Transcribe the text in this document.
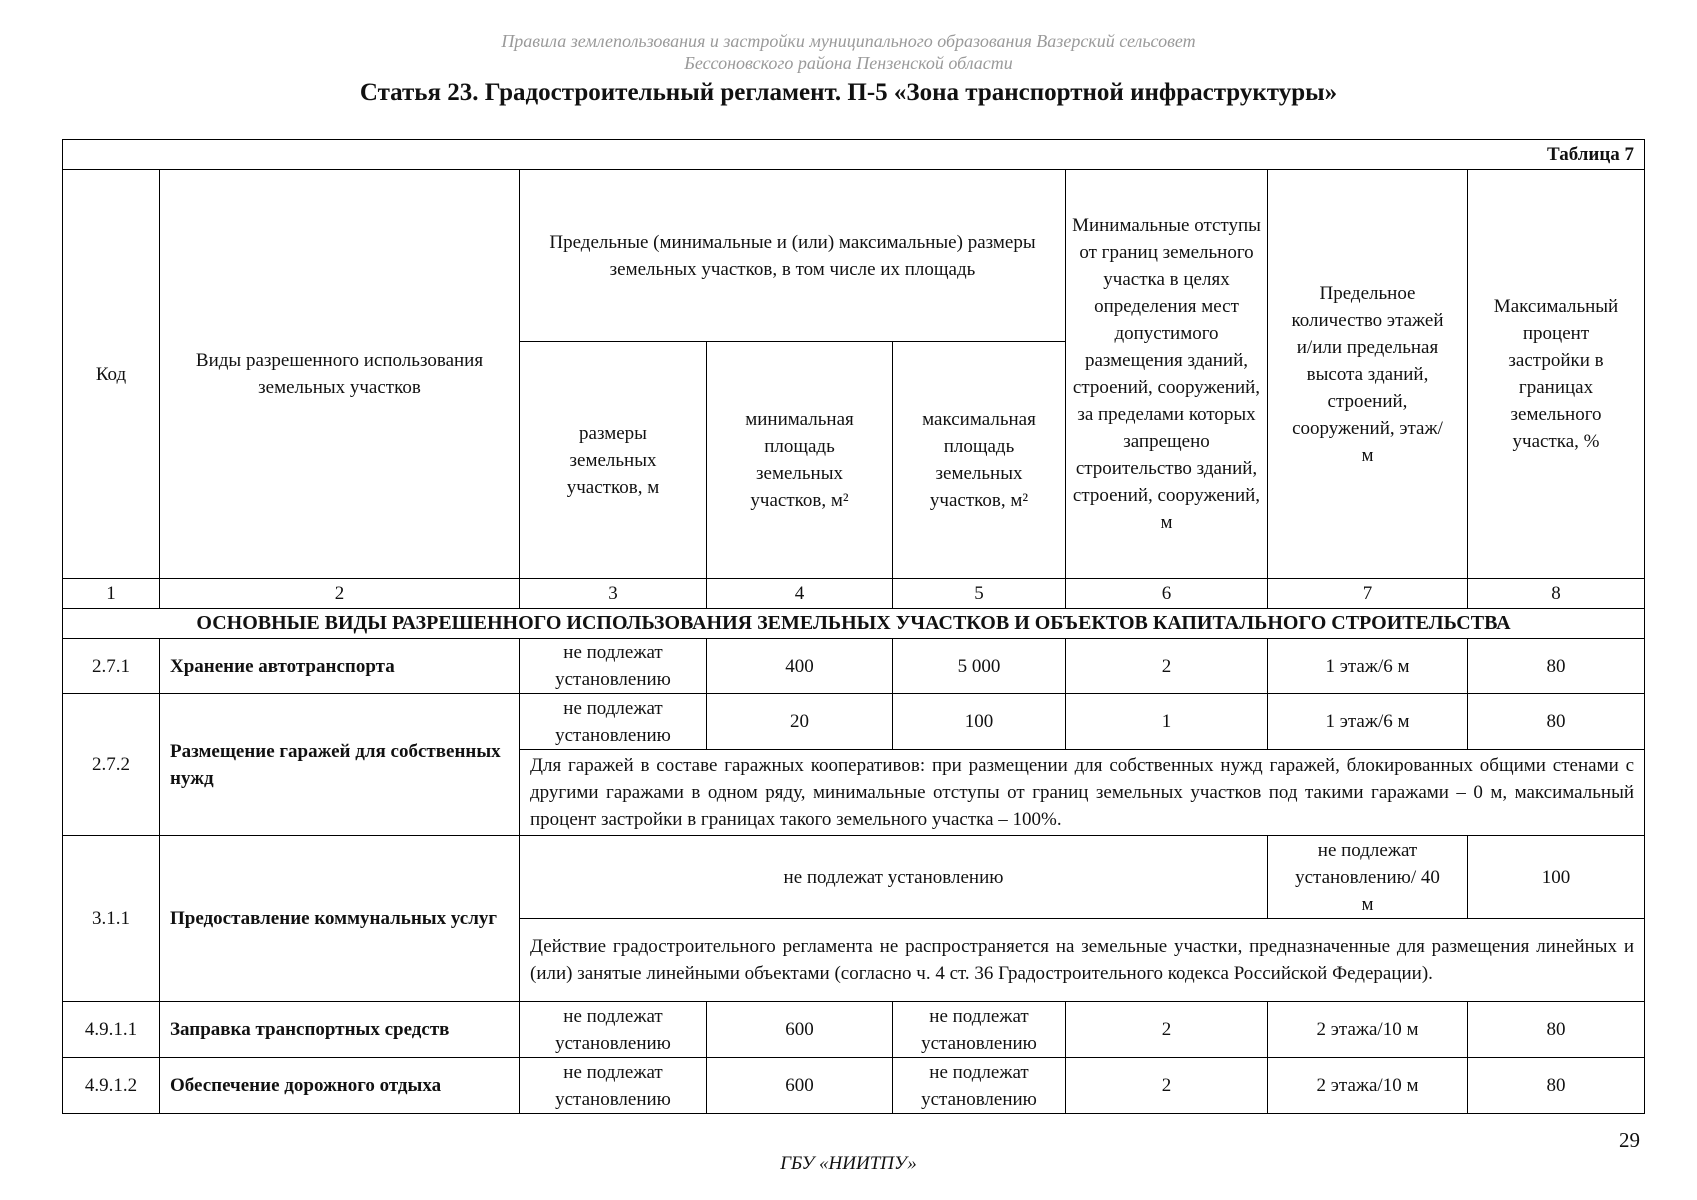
Правила землепользования и застройки муниципального образования Вазерский сельсовет
Бессоновского района Пензенской области
Статья 23. Градостроительный регламент. П-5 «Зона транспортной инфраструктуры»
Таблица 7							
Код	Виды разрешенного использования земельных участков	Предельные (минимальные и (или) максимальные) размеры земельных участков, в том числе их площадь			Минимальные отступы от границ земельного участка в целях определения мест допустимого размещения зданий, строений, сооружений, за пределами которых запрещено строительство зданий, строений, сооружений, м	Предельное количество этажей и/или предельная высота зданий, строений, сооружений, этаж/м	Максимальный процент застройки в границах земельного участка, %
		размеры земельных участков, м	минимальная площадь земельных участков, м²	максимальная площадь земельных участков, м²			
1	2	3	4	5	6	7	8
ОСНОВНЫЕ ВИДЫ РАЗРЕШЕННОГО ИСПОЛЬЗОВАНИЯ ЗЕМЕЛЬНЫХ УЧАСТКОВ И ОБЪЕКТОВ КАПИТАЛЬНОГО СТРОИТЕЛЬСТВА							
2.7.1	Хранение автотранспорта	не подлежат установлению	400	5 000	2	1 этаж/6 м	80
2.7.2	Размещение гаражей для собственных нужд	не подлежат установлению	20	100	1	1 этаж/6 м	80

		Для гаражей в составе гаражных кооперативов: при размещении для собственных нужд гаражей, блокированных общими стенами с другими гаражами в одном ряду, минимальные отступы от границ земельных участков под такими гаражами – 0 м, максимальный процент застройки в границах такого земельного участка – 100%.					

3.1.1	Предоставление коммунальных услуг	не подлежат установлению				не подлежат установлению/ 40 м	100

		Действие градостроительного регламента не распространяется на земельные участки, предназначенные для размещения линейных и (или) занятые линейными объектами (согласно ч. 4 ст. 36 Градостроительного кодекса Российской Федерации).					

4.9.1.1	Заправка транспортных средств	не подлежат установлению	600	не подлежат установлению	2	2 этажа/10 м	80
4.9.1.2	Обеспечение дорожного отдыха	не подлежат установлению	600	не подлежат установлению	2	2 этажа/10 м	80
29
ГБУ «НИИТПУ»
